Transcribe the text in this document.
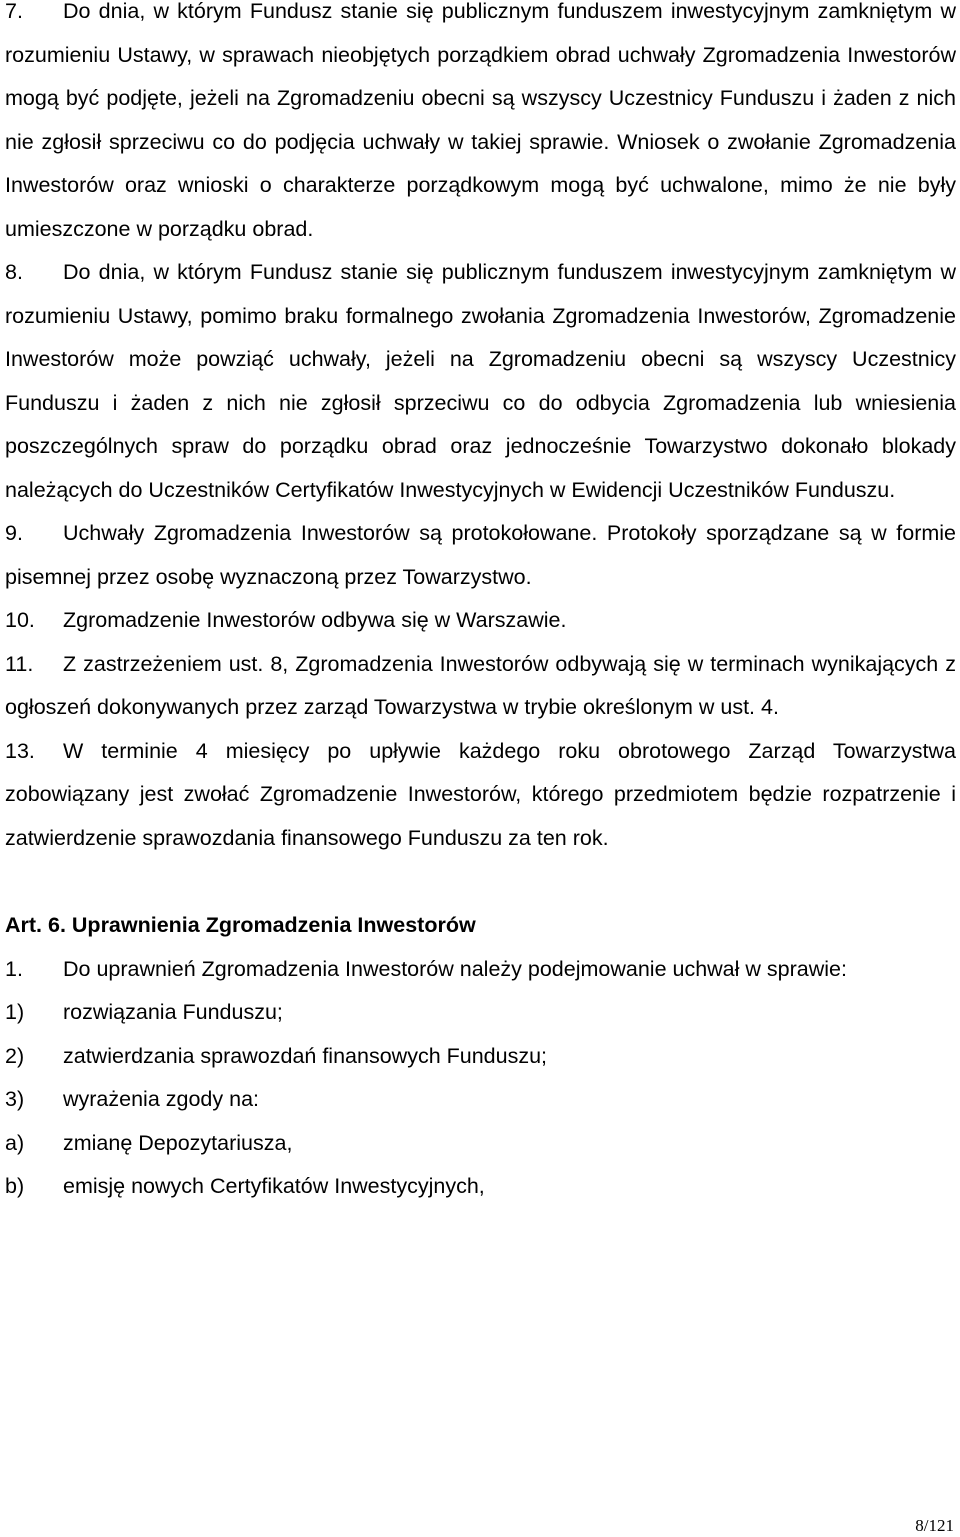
7. Do dnia, w którym Fundusz stanie się publicznym funduszem inwestycyjnym zamkniętym w rozumieniu Ustawy, w sprawach nieobjętych porządkiem obrad uchwały Zgromadzenia Inwestorów mogą być podjęte, jeżeli na Zgromadzeniu obecni są wszyscy Uczestnicy Funduszu i żaden z nich nie zgłosił sprzeciwu co do podjęcia uchwały w takiej sprawie. Wniosek o zwołanie Zgromadzenia Inwestorów oraz wnioski o charakterze porządkowym mogą być uchwalone, mimo że nie były umieszczone w porządku obrad.

8. Do dnia, w którym Fundusz stanie się publicznym funduszem inwestycyjnym zamkniętym w rozumieniu Ustawy, pomimo braku formalnego zwołania Zgromadzenia Inwestorów, Zgromadzenie Inwestorów może powziąć uchwały, jeżeli na Zgromadzeniu obecni są wszyscy Uczestnicy Funduszu i żaden z nich nie zgłosił sprzeciwu co do odbycia Zgromadzenia lub wniesienia poszczególnych spraw do porządku obrad oraz jednocześnie Towarzystwo dokonało blokady należących do Uczestników Certyfikatów Inwestycyjnych w Ewidencji Uczestników Funduszu.

9. Uchwały Zgromadzenia Inwestorów są protokołowane. Protokoły sporządzane są w formie pisemnej przez osobę wyznaczoną przez Towarzystwo.

10. Zgromadzenie Inwestorów odbywa się w Warszawie.

11. Z zastrzeżeniem ust. 8, Zgromadzenia Inwestorów odbywają się w terminach wynikających z ogłoszeń dokonywanych przez zarząd Towarzystwa w trybie określonym w ust. 4.

13. W terminie 4 miesięcy po upływie każdego roku obrotowego Zarząd Towarzystwa zobowiązany jest zwołać Zgromadzenie Inwestorów, którego przedmiotem będzie rozpatrzenie i zatwierdzenie sprawozdania finansowego Funduszu za ten rok.

Art. 6. Uprawnienia Zgromadzenia Inwestorów

1. Do uprawnień Zgromadzenia Inwestorów należy podejmowanie uchwał w sprawie:

1) rozwiązania Funduszu;

2) zatwierdzania sprawozdań finansowych Funduszu;

3) wyrażenia zgody na:

a) zmianę Depozytariusza,

b) emisję nowych Certyfikatów Inwestycyjnych,

8/121
